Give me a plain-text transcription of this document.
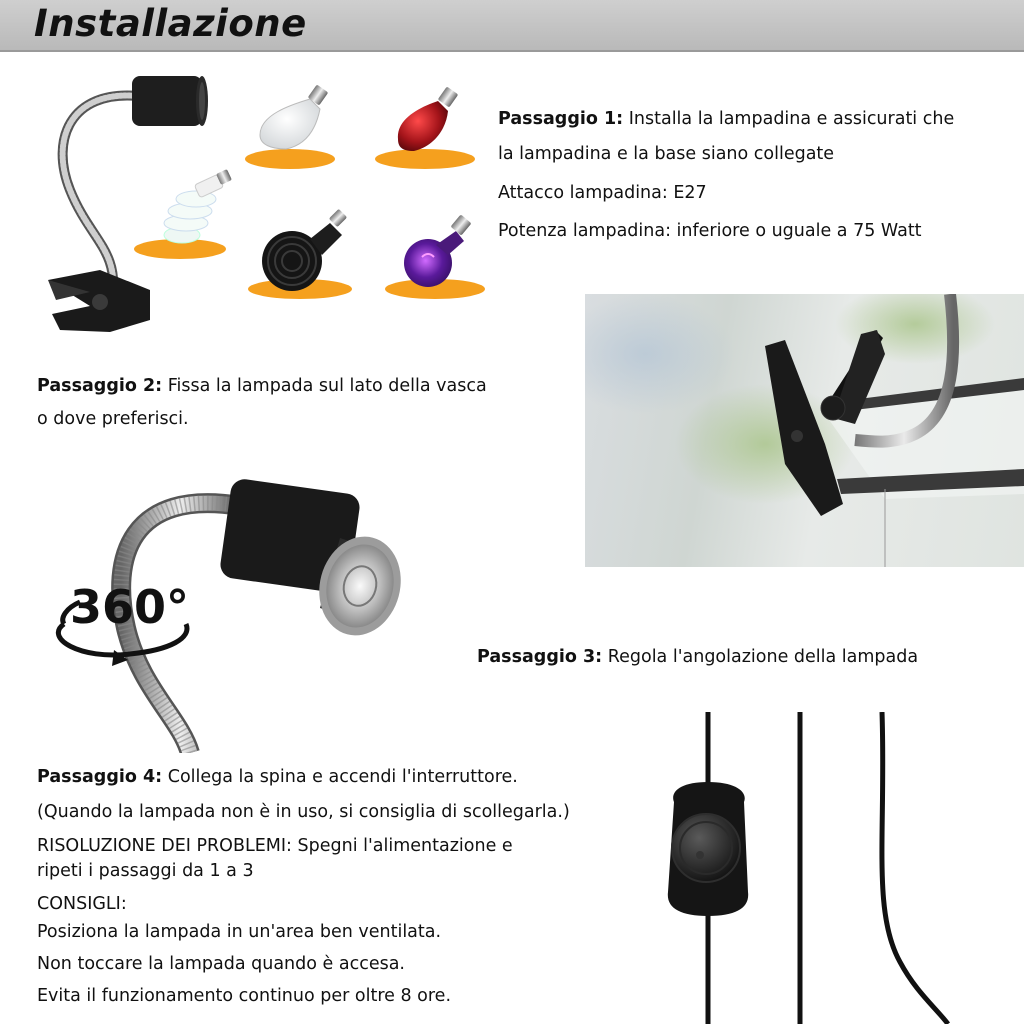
Installazione
Passaggio 1: Installa la lampadina e assicurati che
la lampadina e la base siano collegate
Attacco lampadina: E27
Potenza lampadina: inferiore o uguale a 75 Watt
Passaggio 2: Fissa la lampada sul lato della vasca
o dove preferisci.
360°
Passaggio 3: Regola l'angolazione della lampada
Passaggio 4: Collega la spina e accendi l'interruttore.
(Quando la lampada non è in uso, si consiglia di scollegarla.)
RISOLUZIONE DEI PROBLEMI: Spegni l'alimentazione e
ripeti i passaggi da 1 a 3
CONSIGLI:
Posiziona la lampada in un'area ben ventilata.
Non toccare la lampada quando è accesa.
Evita il funzionamento continuo per oltre 8 ore.
